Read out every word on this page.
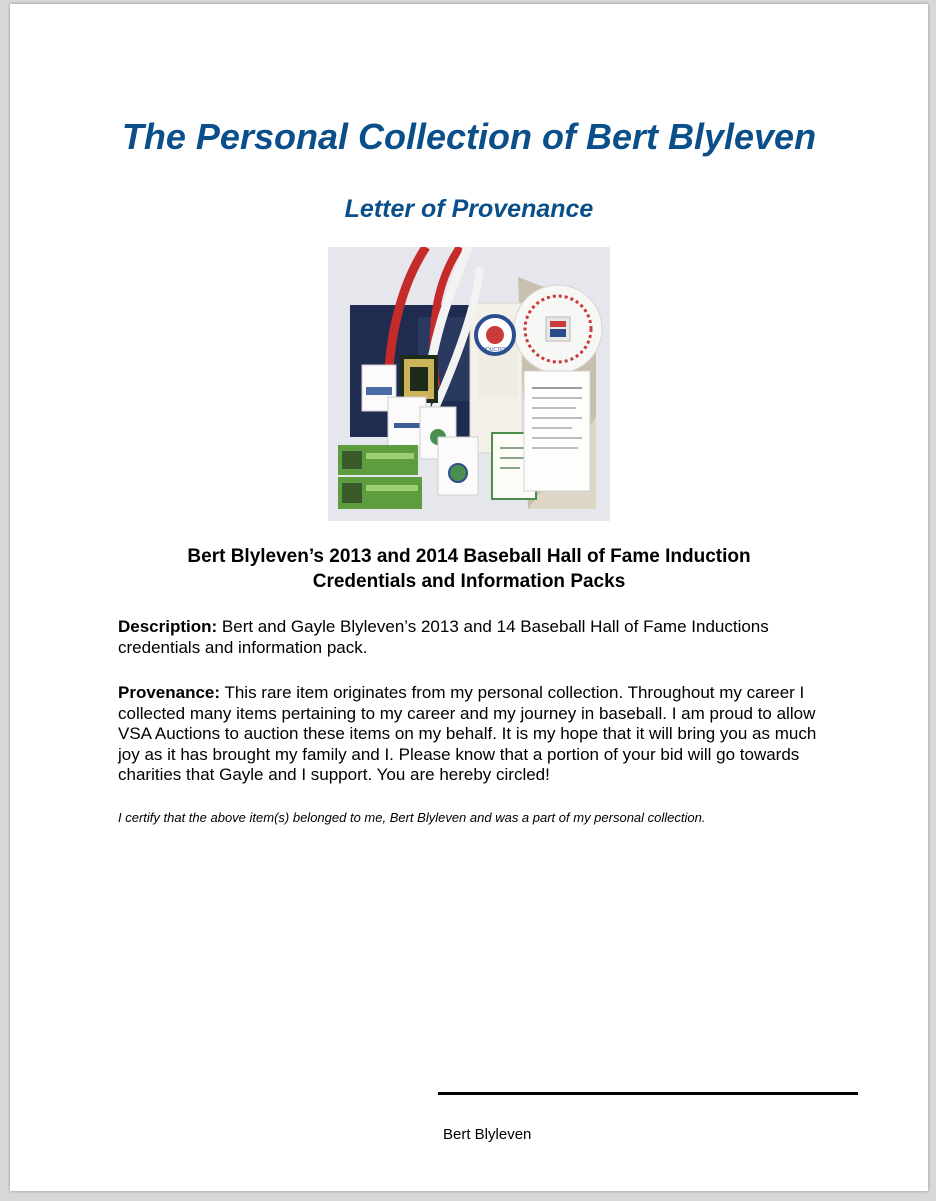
The Personal Collection of Bert Blyleven
Letter of Provenance
INDUCTION
Bert Blyleven’s 2013 and 2014 Baseball Hall of Fame Induction
Credentials and Information Packs

Description: Bert and Gayle Blyleven’s 2013 and 14 Baseball Hall of Fame Inductions credentials and information pack.

Provenance: This rare item originates from my personal collection. Throughout my career I collected many items pertaining to my career and my journey in baseball. I am proud to allow VSA Auctions to auction these items on my behalf. It is my hope that it will bring you as much joy as it has brought my family and I. Please know that a portion of your bid will go towards charities that Gayle and I support. You are hereby circled!

I certify that the above item(s) belonged to me, Bert Blyleven and was a part of my personal collection.

Bert Blyleven
